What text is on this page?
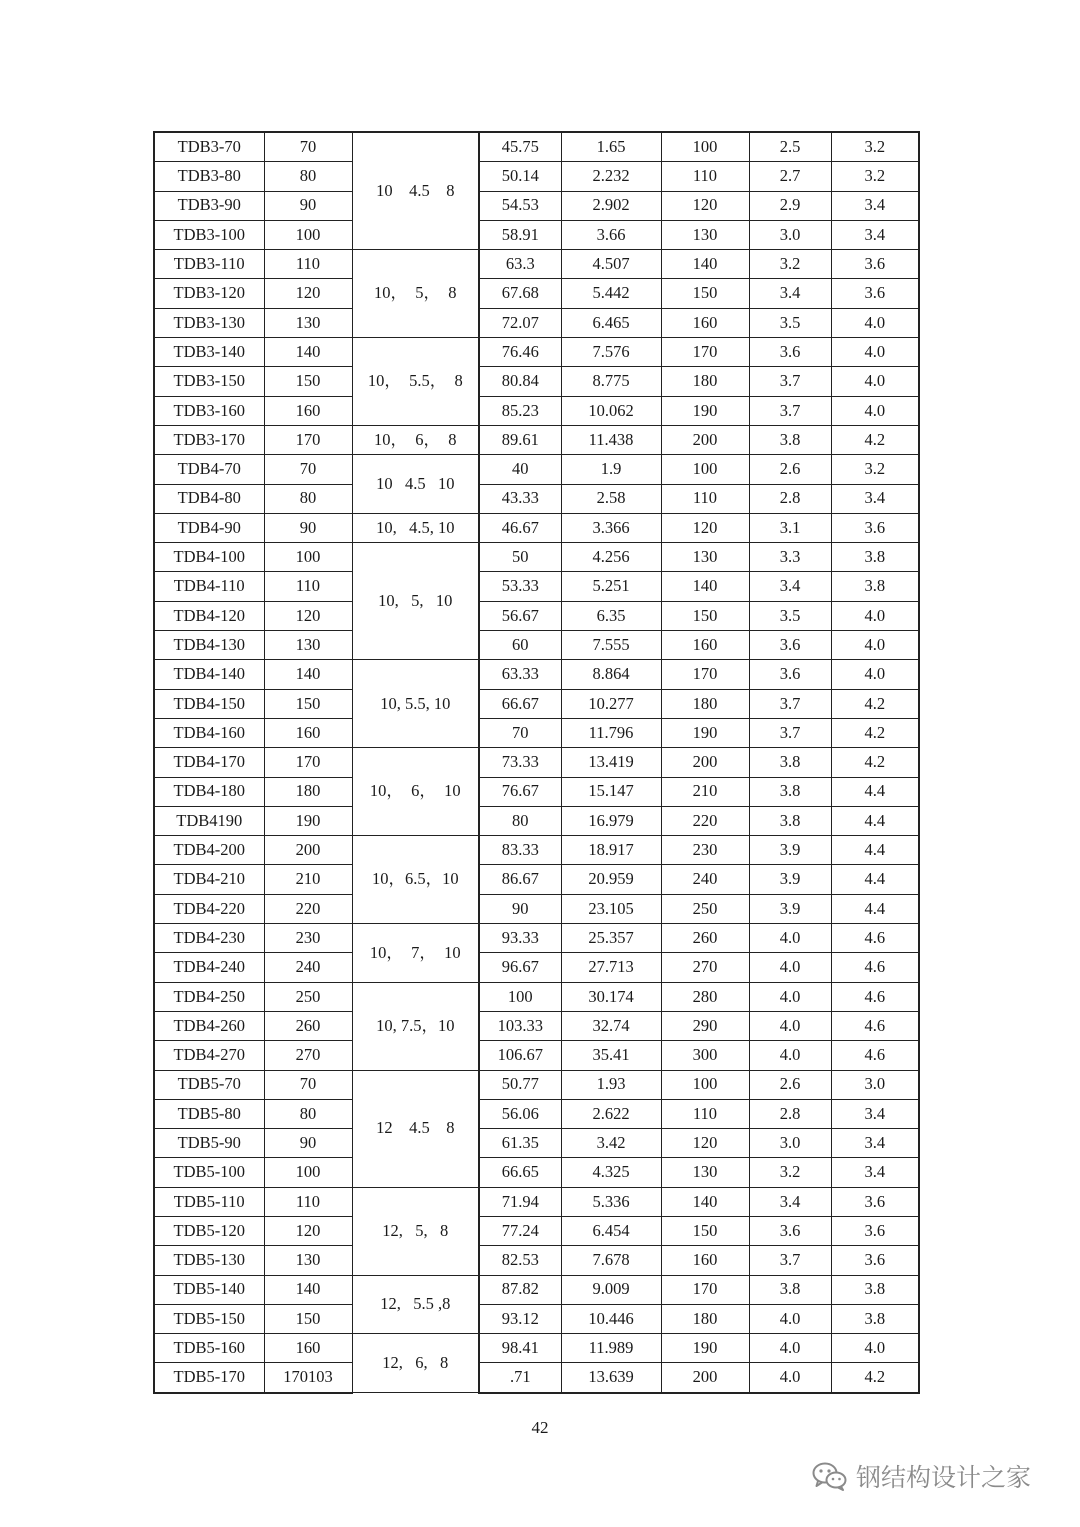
TDB3-70	70	10    4.5    8	45.75	1.65	100	2.5	3.2
TDB3-80	80		50.14	2.232	110	2.7	3.2
TDB3-90	90		54.53	2.902	120	2.9	3.4
TDB3-100	100		58.91	3.66	130	3.0	3.4
TDB3-110	110	10，  5，  8	63.3	4.507	140	3.2	3.6
TDB3-120	120		67.68	5.442	150	3.4	3.6
TDB3-130	130		72.07	6.465	160	3.5	4.0
TDB3-140	140	10，  5.5，  8	76.46	7.576	170	3.6	4.0
TDB3-150	150		80.84	8.775	180	3.7	4.0
TDB3-160	160		85.23	10.062	190	3.7	4.0
TDB3-170	170	10，  6，  8	89.61	11.438	200	3.8	4.2
TDB4-70	70	10   4.5   10	40	1.9	100	2.6	3.2
TDB4-80	80		43.33	2.58	110	2.8	3.4
TDB4-90	90	10,   4.5, 10	46.67	3.366	120	3.1	3.6
TDB4-100	100	10,   5,   10	50	4.256	130	3.3	3.8
TDB4-110	110		53.33	5.251	140	3.4	3.8
TDB4-120	120		56.67	6.35	150	3.5	4.0
TDB4-130	130		60	7.555	160	3.6	4.0
TDB4-140	140	10, 5.5, 10	63.33	8.864	170	3.6	4.0
TDB4-150	150		66.67	10.277	180	3.7	4.2
TDB4-160	160		70	11.796	190	3.7	4.2
TDB4-170	170	10，  6，  10	73.33	13.419	200	3.8	4.2
TDB4-180	180		76.67	15.147	210	3.8	4.4
TDB4190	190		80	16.979	220	3.8	4.4
TDB4-200	200	10，6.5，10	83.33	18.917	230	3.9	4.4
TDB4-210	210		86.67	20.959	240	3.9	4.4
TDB4-220	220		90	23.105	250	3.9	4.4
TDB4-230	230	10，  7，  10	93.33	25.357	260	4.0	4.6
TDB4-240	240		96.67	27.713	270	4.0	4.6
TDB4-250	250	10, 7.5，10	100	30.174	280	4.0	4.6
TDB4-260	260		103.33	32.74	290	4.0	4.6
TDB4-270	270		106.67	35.41	300	4.0	4.6
TDB5-70	70	12    4.5    8	50.77	1.93	100	2.6	3.0
TDB5-80	80		56.06	2.622	110	2.8	3.4
TDB5-90	90		61.35	3.42	120	3.0	3.4
TDB5-100	100		66.65	4.325	130	3.2	3.4
TDB5-110	110	12,   5,   8	71.94	5.336	140	3.4	3.6
TDB5-120	120		77.24	6.454	150	3.6	3.6
TDB5-130	130		82.53	7.678	160	3.7	3.6
TDB5-140	140	12,   5.5 ,8	87.82	9.009	170	3.8	3.8
TDB5-150	150		93.12	10.446	180	4.0	3.8
TDB5-160	160	12,   6,   8	98.41	11.989	190	4.0	4.0
TDB5-170	170103		.71	13.639	200	4.0	4.2
42
钢结构设计之家
